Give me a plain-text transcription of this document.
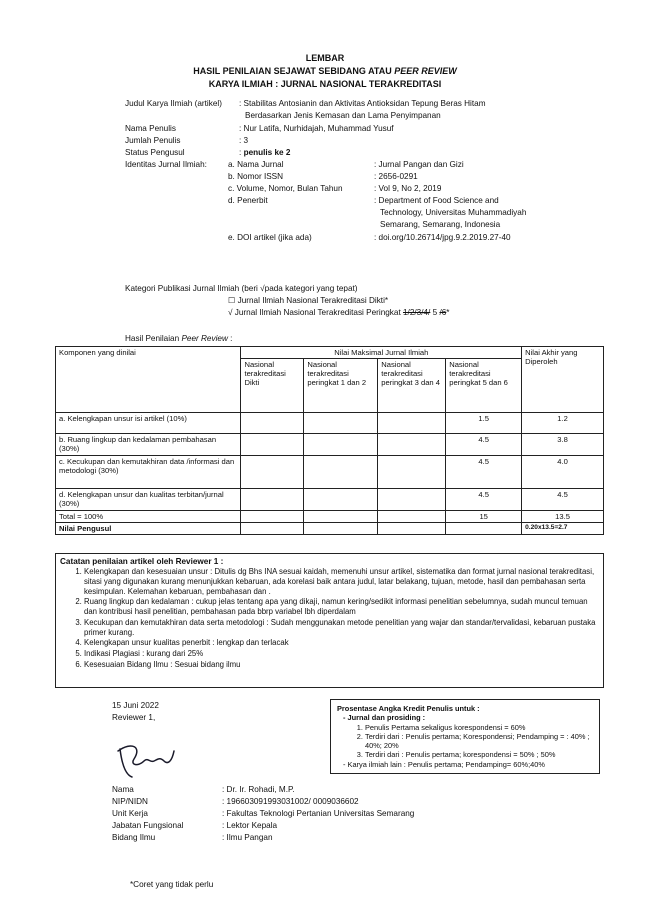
LEMBAR
HASIL PENILAIAN SEJAWAT SEBIDANG ATAU PEER REVIEW
KARYA ILMIAH : JURNAL NASIONAL TERAKREDITASI
Judul Karya Ilmiah (artikel) : Stabilitas Antosianin dan Aktivitas Antioksidan Tepung Beras Hitam
Berdasarkan Jenis Kemasan dan Lama Penyimpanan
Nama Penulis	: Nur Latifa, Nurhidajah, Muhammad Yusuf
Jumlah Penulis	: 3
Status Pengusul	: penulis ke 2
Identitas Jurnal Ilmiah:	a. Nama Jurnal	: Jurnal Pangan dan Gizi
b. Nomor ISSN	: 2656-0291
c. Volume, Nomor, Bulan Tahun	: Vol 9, No 2, 2019
d. Penerbit	: Department of Food Science and
Technology, Universitas Muhammadiyah
Semarang, Semarang, Indonesia
e. DOI artikel (jika ada)	: doi.org/10.26714/jpg.9.2.2019.27-40
Kategori Publikasi Jurnal Ilmiah (beri √pada kategori yang tepat)
☐ Jurnal Ilmiah Nasional Terakreditasi Dikti*
√ Jurnal Ilmiah Nasional Terakreditasi Peringkat 1/2/3/4/ 5 /6*
Hasil Penilaian Peer Review :
Komponen yang dinilai	Nilai Maksimal Jurnal Ilmiah				Nilai Akhir yang Diperoleh
	Nasional terakreditasi Dikti	Nasional terakreditasi peringkat 1 dan 2	Nasional terakreditasi peringkat 3 dan 4	Nasional terakreditasi peringkat 5 dan 6	
a. Kelengkapan unsur isi artikel (10%)				1.5	1.2
b. Ruang lingkup dan kedalaman pembahasan (30%)				4.5	3.8
c. Kecukupan dan kemutakhiran data /informasi dan metodologi (30%)				4.5	4.0
d. Kelengkapan unsur dan kualitas terbitan/jurnal (30%)				4.5	4.5
Total = 100%				15	13.5
Nilai Pengusul					0.20x13.5=2.7
Catatan penilaian artikel oleh Reviewer 1 :
1. Kelengkapan dan kesesuaian unsur : Ditulis dg Bhs INA sesuai kaidah, memenuhi unsur artikel, sistematika dan format jurnal nasional terakreditasi, sitasi yang digunakan kurang menunjukkan kebaruan, ada korelasi baik antara judul, latar belakang, tujuan, metode, hasil dan pembahasan serta kesimpulan. Kelemahan kebaruan, pembahasan dan .
2. Ruang lingkup dan kedalaman : cukup jelas tentang apa yang dikaji, namun kering/sedikit informasi penelitian sebelumnya, sudah muncul temuan dan kontribusi hasil penelitian, pembahasan pada bbrp variabel lbh diperdalam
3. Kecukupan dan kemutakhiran data serta metodologi : Sudah menggunakan metode penelitian yang wajar dan standar/tervalidasi, kebaruan pustaka primer kurang.
4. Kelengkapan unsur kualitas penerbit : lengkap dan terlacak
5. Indikasi Plagiasi : kurang dari 25%
6. Kesesuaian Bidang Ilmu : Sesuai bidang ilmu
15 Juni 2022
Reviewer 1,
Prosentase Angka Kredit Penulis untuk :
- Jurnal dan prosiding :
1. Penulis Pertama sekaligus korespondensi = 60%
2. Terdiri dari : Penulis pertama; Korespondensi; Pendamping = : 40% ; 40%; 20%
3. Terdiri dari : Penulis pertama; korespondensi = 50% ; 50%
- Karya ilmiah lain : Penulis pertama; Pendamping= 60%;40%
Nama	: Dr. Ir. Rohadi, M.P.
NIP/NIDN	: 196603091993031002/ 0009036602
Unit Kerja	: Fakultas Teknologi Pertanian Universitas Semarang
Jabatan Fungsional	: Lektor Kepala
Bidang Ilmu	: Ilmu Pangan
*Coret yang tidak perlu
